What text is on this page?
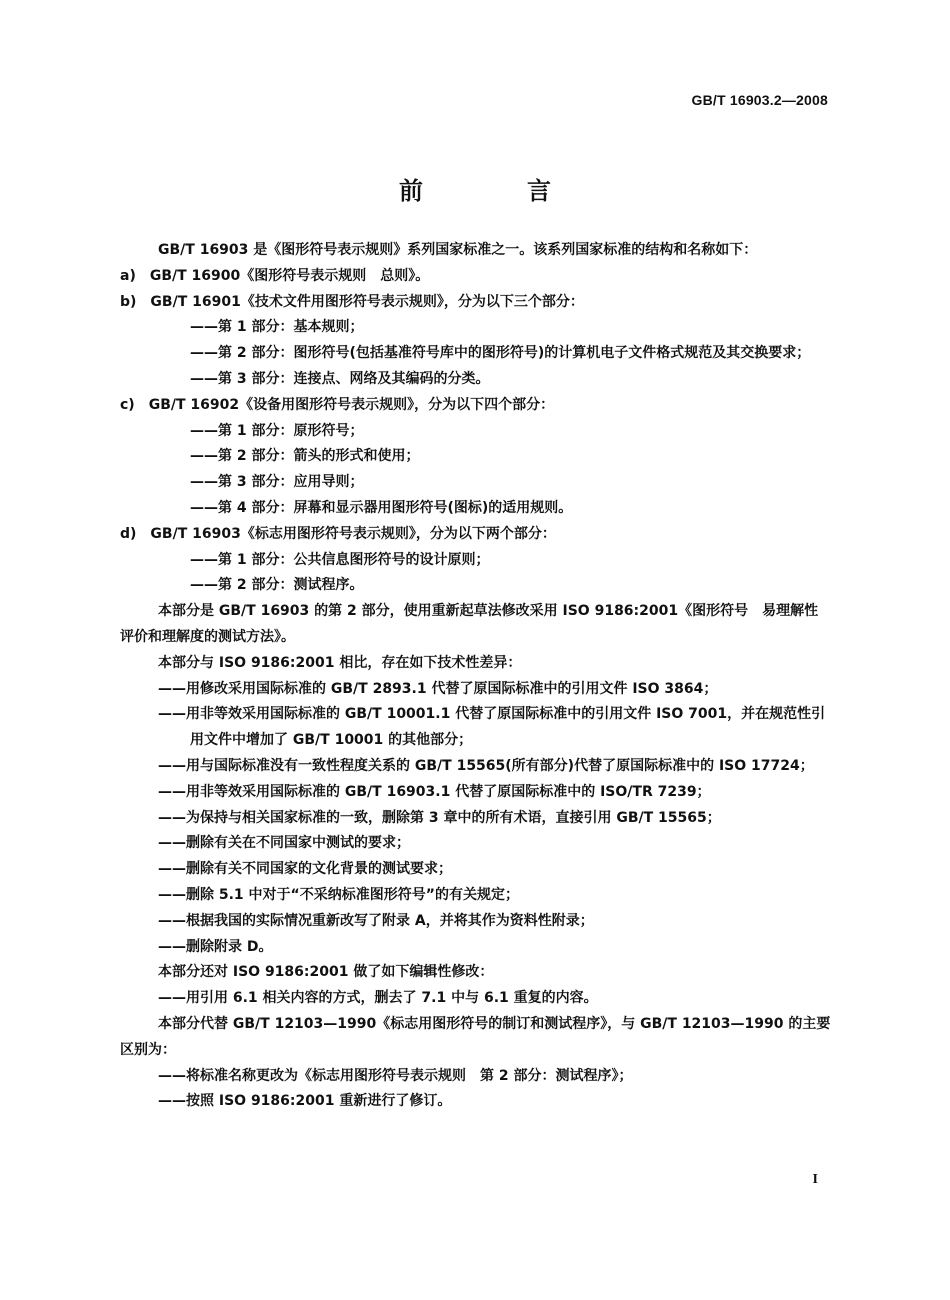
GB/T 16903.2—2008
前　言

GB/T 16903 是《图形符号表示规则》系列国家标准之一。该系列国家标准的结构和名称如下：

a)　GB/T 16900《图形符号表示规则　总则》。

b)　GB/T 16901《技术文件用图形符号表示规则》，分为以下三个部分：

——第 1 部分：基本规则；

——第 2 部分：图形符号(包括基准符号库中的图形符号)的计算机电子文件格式规范及其交换要求；

——第 3 部分：连接点、网络及其编码的分类。

c)　GB/T 16902《设备用图形符号表示规则》，分为以下四个部分：

——第 1 部分：原形符号；

——第 2 部分：箭头的形式和使用；

——第 3 部分：应用导则；

——第 4 部分：屏幕和显示器用图形符号(图标)的适用规则。

d)　GB/T 16903《标志用图形符号表示规则》，分为以下两个部分：

——第 1 部分：公共信息图形符号的设计原则；

——第 2 部分：测试程序。

本部分是 GB/T 16903 的第 2 部分，使用重新起草法修改采用 ISO 9186:2001《图形符号　易理解性评价和理解度的测试方法》。

本部分与 ISO 9186:2001 相比，存在如下技术性差异：

——用修改采用国际标准的 GB/T 2893.1 代替了原国际标准中的引用文件 ISO 3864；

——用非等效采用国际标准的 GB/T 10001.1 代替了原国际标准中的引用文件 ISO 7001，并在规范性引用文件中增加了 GB/T 10001 的其他部分；

——用与国际标准没有一致性程度关系的 GB/T 15565(所有部分)代替了原国际标准中的 ISO 17724；

——用非等效采用国际标准的 GB/T 16903.1 代替了原国际标准中的 ISO/TR 7239；

——为保持与相关国家标准的一致，删除第 3 章中的所有术语，直接引用 GB/T 15565；

——删除有关在不同国家中测试的要求；

——删除有关不同国家的文化背景的测试要求；

——删除 5.1 中对于“不采纳标准图形符号”的有关规定；

——根据我国的实际情况重新改写了附录 A，并将其作为资料性附录；

——删除附录 D。

本部分还对 ISO 9186:2001 做了如下编辑性修改：

——用引用 6.1 相关内容的方式，删去了 7.1 中与 6.1 重复的内容。

本部分代替 GB/T 12103—1990《标志用图形符号的制订和测试程序》，与 GB/T 12103—1990 的主要区别为：

——将标准名称更改为《标志用图形符号表示规则　第 2 部分：测试程序》；

——按照 ISO 9186:2001 重新进行了修订。

I
